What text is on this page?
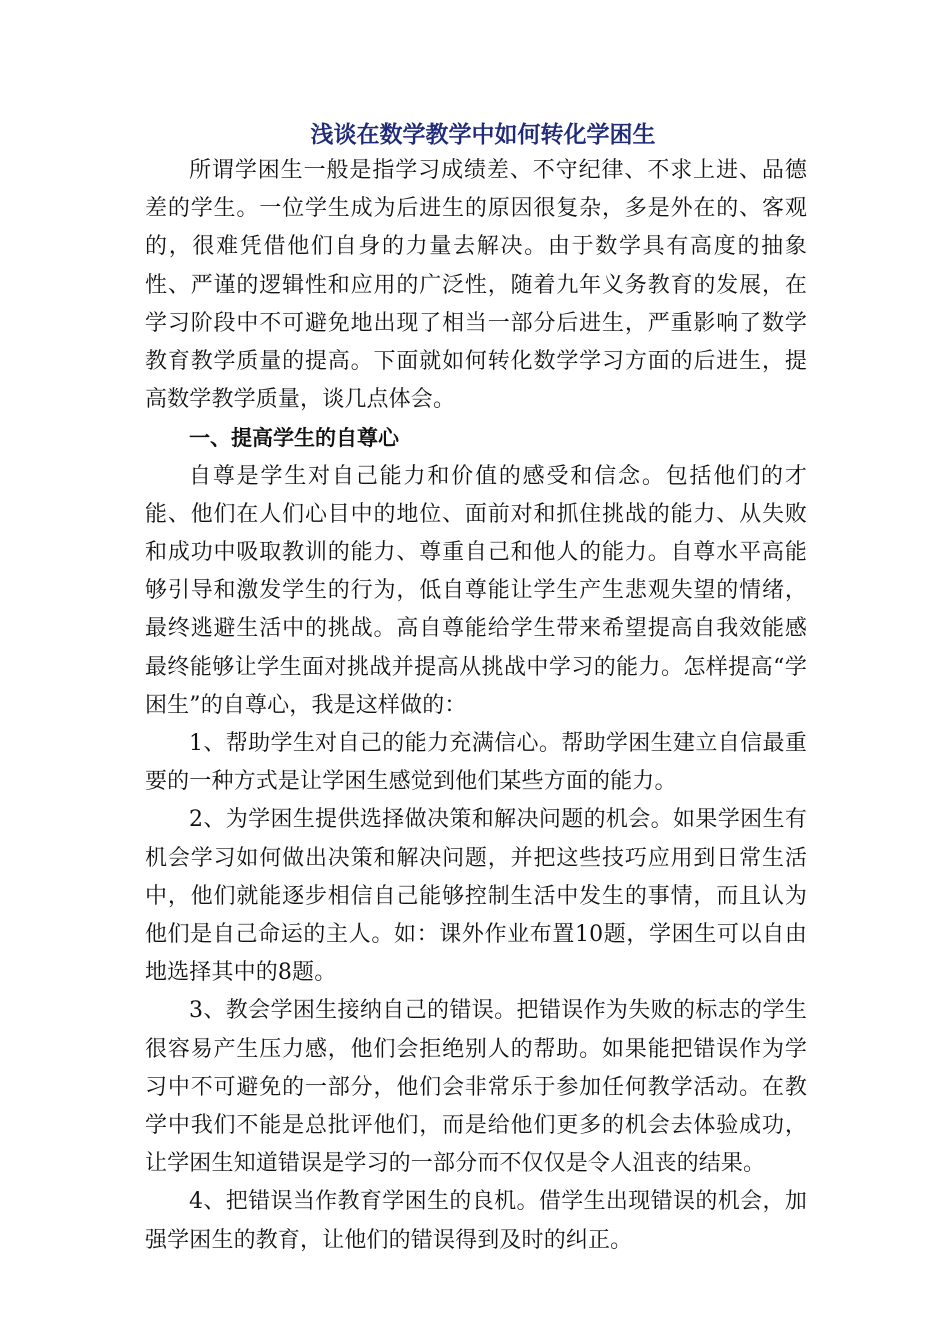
浅谈在数学教学中如何转化学困生

所谓学困生一般是指学习成绩差、不守纪律、不求上进、品德差的学生。一位学生成为后进生的原因很复杂，多是外在的、客观的，很难凭借他们自身的力量去解决。由于数学具有高度的抽象性、严谨的逻辑性和应用的广泛性，随着九年义务教育的发展，在学习阶段中不可避免地出现了相当一部分后进生，严重影响了数学教育教学质量的提高。下面就如何转化数学学习方面的后进生，提高数学教学质量，谈几点体会。

一、提高学生的自尊心

自尊是学生对自己能力和价值的感受和信念。包括他们的才能、他们在人们心目中的地位、面前对和抓住挑战的能力、从失败和成功中吸取教训的能力、尊重自己和他人的能力。自尊水平高能够引导和激发学生的行为，低自尊能让学生产生悲观失望的情绪，最终逃避生活中的挑战。高自尊能给学生带来希望提高自我效能感最终能够让学生面对挑战并提高从挑战中学习的能力。怎样提高“学困生”的自尊心，我是这样做的：

1、帮助学生对自己的能力充满信心。帮助学困生建立自信最重要的一种方式是让学困生感觉到他们某些方面的能力。

2、为学困生提供选择做决策和解决问题的机会。如果学困生有机会学习如何做出决策和解决问题，并把这些技巧应用到日常生活中，他们就能逐步相信自己能够控制生活中发生的事情，而且认为他们是自己命运的主人。如：课外作业布置10题，学困生可以自由地选择其中的8题。

3、教会学困生接纳自己的错误。把错误作为失败的标志的学生很容易产生压力感，他们会拒绝别人的帮助。如果能把错误作为学习中不可避免的一部分，他们会非常乐于参加任何教学活动。在教学中我们不能是总批评他们，而是给他们更多的机会去体验成功，让学困生知道错误是学习的一部分而不仅仅是令人沮丧的结果。

4、把错误当作教育学困生的良机。借学生出现错误的机会，加强学困生的教育，让他们的错误得到及时的纠正。
